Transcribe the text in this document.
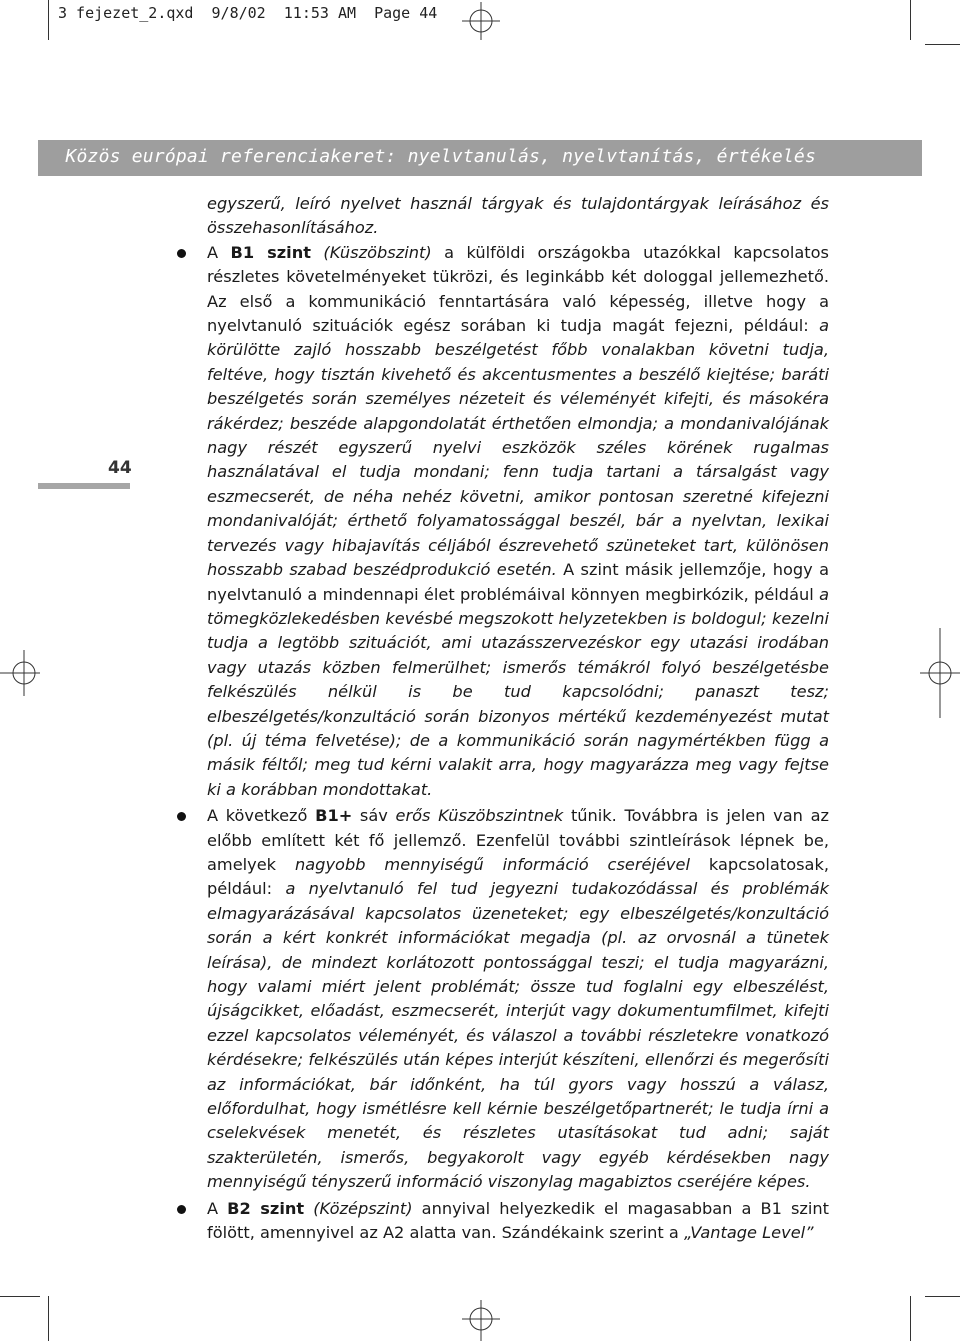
3 fejezet_2.qxd 9/8/02 11:53 AM Page 44
Közös európai referenciakeret: nyelvtanulás, nyelvtanítás, értékelés
44

egyszerű, leíró nyelvet használ tárgyak és tulajdontárgyak leírásához és összehasonlításához.

A B1 szint (Küszöbszint) a külföldi országokba utazókkal kapcsolatos részletes követelményeket tükrözi, és leginkább két dologgal jellemezhető. Az első a kommunikáció fenntartására való képesség, illetve hogy a nyelvtanuló szituációk egész sorában ki tudja magát fejezni, például: a körülötte zajló hosszabb beszélgetést főbb vonalakban követni tudja, feltéve, hogy tisztán kivehető és akcentusmentes a beszélő kiejtése; baráti beszélgetés során személyes nézeteit és véleményét kifejti, és másokéra rákérdez; beszéde alapgondolatát érthetően elmondja; a mondanivalójának nagy részét egyszerű nyelvi eszközök széles körének rugalmas használatával el tudja mondani; fenn tudja tartani a társalgást vagy eszmecserét, de néha nehéz követni, amikor pontosan szeretné kifejezni mondanivalóját; érthető folyamatossággal beszél, bár a nyelvtan, lexikai tervezés vagy hibajavítás céljából észrevehető szüneteket tart, különösen hosszabb szabad beszédprodukció esetén. A szint másik jellemzője, hogy a nyelvtanuló a mindennapi élet problémáival könnyen megbirkózik, például a tömegközlekedésben kevésbé megszokott helyzetekben is boldogul; kezelni tudja a legtöbb szituációt, ami utazásszervezéskor egy utazási irodában vagy utazás közben felmerülhet; ismerős témákról folyó beszélgetésbe felkészülés nélkül is be tud kapcsolódni; panaszt tesz; elbeszélgetés/konzultáció során bizonyos mértékű kezdeményezést mutat (pl. új téma felvetése); de a kommunikáció során nagymértékben függ a másik féltől; meg tud kérni valakit arra, hogy magyarázza meg vagy fejtse ki a korábban mondottakat.

A következő B1+ sáv erős Küszöbszintnek tűnik. Továbbra is jelen van az előbb említett két fő jellemző. Ezenfelül további szintleírások lépnek be, amelyek nagyobb mennyiségű információ cseréjével kapcsolatosak, például: a nyelvtanuló fel tud jegyezni tudakozódással és problémák elmagyarázásával kapcsolatos üzeneteket; egy elbeszélgetés/konzultáció során a kért konkrét információkat megadja (pl. az orvosnál a tünetek leírása), de mindezt korlátozott pontossággal teszi; el tudja magyarázni, hogy valami miért jelent problémát; össze tud foglalni egy elbeszélést, újságcikket, előadást, eszmecserét, interjút vagy dokumentumfilmet, kifejti ezzel kapcsolatos véleményét, és válaszol a további részletekre vonatkozó kérdésekre; felkészülés után képes interjút készíteni, ellenőrzi és megerősíti az információkat, bár időnként, ha túl gyors vagy hosszú a válasz, előfordulhat, hogy ismétlésre kell kérnie beszélgetőpartnerét; le tudja írni a cselekvések menetét, és részletes utasításokat tud adni; saját szakterületén, ismerős, begyakorolt vagy egyéb kérdésekben nagy mennyiségű tényszerű információ viszonylag magabiztos cseréjére képes.

A B2 szint (Középszint) annyival helyezkedik el magasabban a B1 szint fölött, amennyivel az A2 alatta van. Szándékaink szerint a „Vantage Level”
